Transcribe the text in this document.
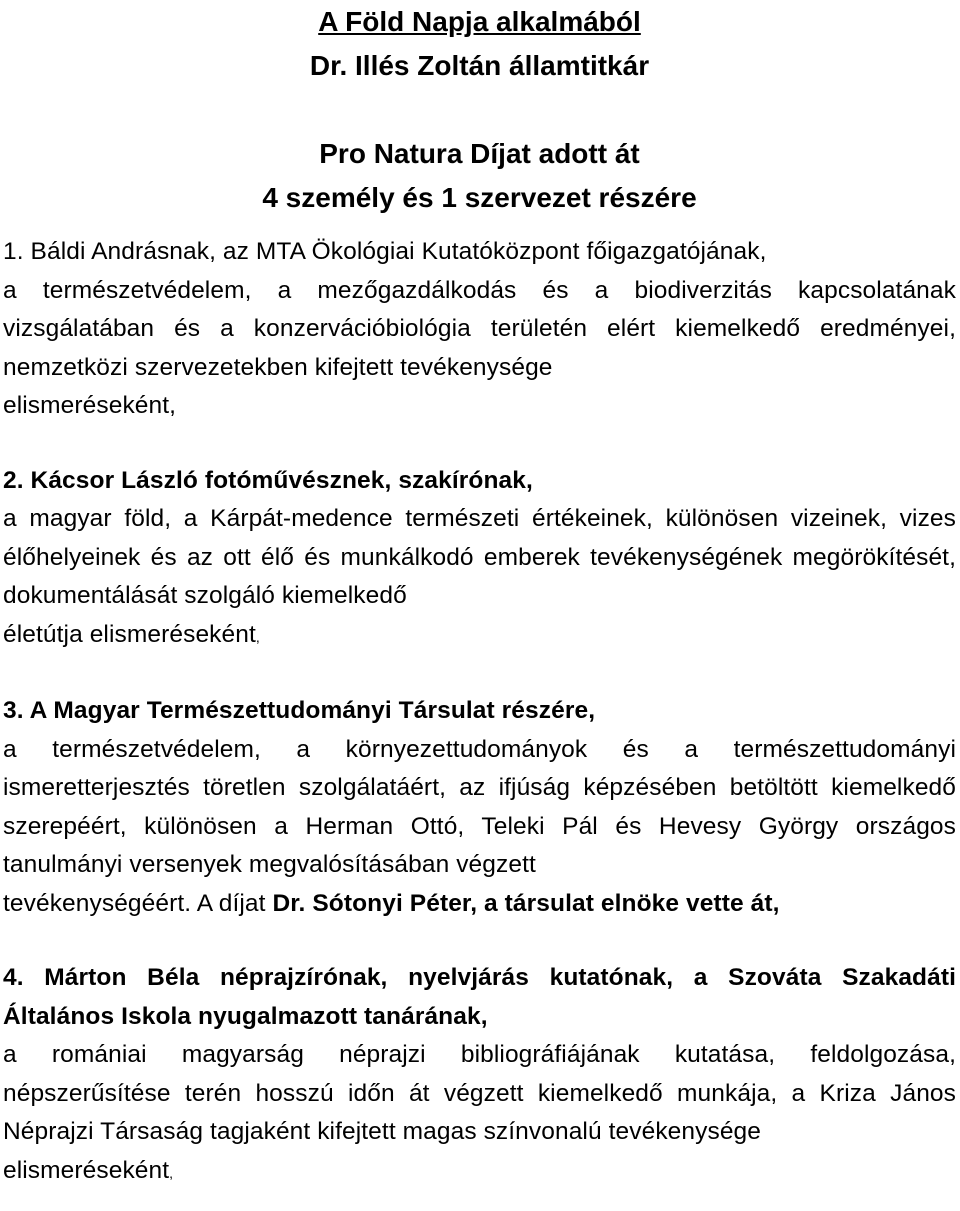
A Föld Napja alkalmából

Dr. Illés Zoltán államtitkár

Pro Natura Díjat adott át

4 személy és 1 szervezet részére

1. Báldi Andrásnak, az MTA Ökológiai Kutatóközpont főigazgatójának,

a természetvédelem, a mezőgazdálkodás és a biodiverzitás kapcsolatának vizsgálatában és a konzervációbiológia területén elért kiemelkedő eredményei, nemzetközi szervezetekben kifejtett tevékenysége

elismeréseként,

2. Kácsor László fotóművésznek, szakírónak,

a magyar föld, a Kárpát-medence természeti értékeinek, különösen vizeinek, vizes élőhelyeinek és az ott élő és munkálkodó emberek tevékenységének megörökítését, dokumentálását szolgáló kiemelkedő

életútja elismeréseként,

3. A Magyar Természettudományi Társulat részére,

a természetvédelem, a környezettudományok és a természettudományi ismeretterjesztés töretlen szolgálatáért, az ifjúság képzésében betöltött kiemelkedő szerepéért, különösen a Herman Ottó, Teleki Pál és Hevesy György országos tanulmányi versenyek megvalósításában végzett

tevékenységéért. A díjat Dr. Sótonyi Péter, a társulat elnöke vette át,

4. Márton Béla néprajzírónak, nyelvjárás kutatónak, a Szováta Szakadáti Általános Iskola nyugalmazott tanárának,

a romániai magyarság néprajzi bibliográfiájának kutatása, feldolgozása, népszerűsítése terén hosszú időn át végzett kiemelkedő munkája, a Kriza János Néprajzi Társaság tagjaként kifejtett magas színvonalú tevékenysége

elismeréseként,
